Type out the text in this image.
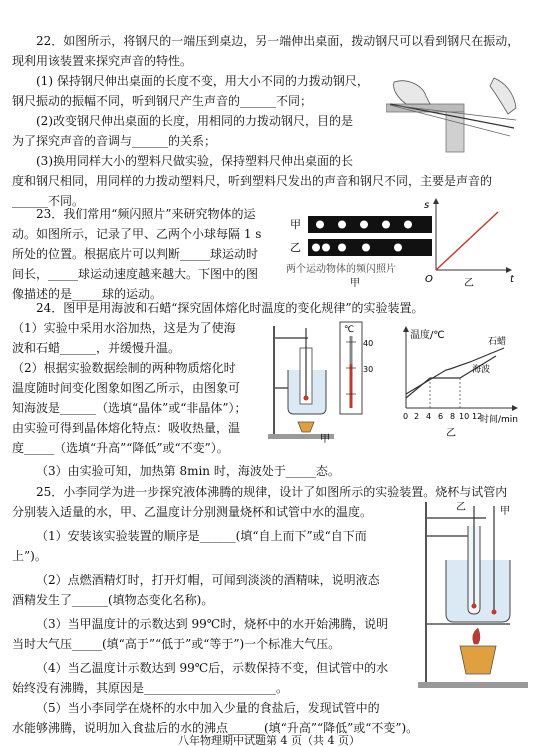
22．如图所示，将钢尺的一端压到桌边，另一端伸出桌面，拨动钢尺可以看到钢尺在振动，
现利用该装置来探究声音的特性。
(1) 保持钢尺伸出桌面的长度不变，用大小不同的力拨动钢尺，
钢尺振动的振幅不同，听到钢尺产生声音的______不同；
(2)改变钢尺伸出桌面的长度，用相同的力拨动钢尺，目的是
为了探究声音的音调与______的关系；
(3)换用同样大小的塑料尺做实验，保持塑料尺伸出桌面的长
度和钢尺相同，用同样的力拨动塑料尺，听到塑料尺发出的声音和钢尺不同，主要是声音的
______不同。
23．我们常用“频闪照片”来研究物体的运
动。如图所示，记录了甲、乙两个小球每隔 1 s
所处的位置。根据底片可以判断_____球运动时
间长，_____球运动速度越来越大。下图中的图
像描述的是_____球的运动。
甲
乙
两个运动物体的频闪照片
甲
s
t
O	乙
24．图甲是用海波和石蜡“探究固体熔化时温度的变化规律”的实验装置。
（1）实验中采用水浴加热，这是为了使海
波和石蜡______，并缓慢升温。
（2）根据实验数据绘制的两种物质熔化时
温度随时间变化图象如图乙所示，由图象可
知海波是______（选填“晶体”或“非晶体”）；
由实验可得到晶体熔化特点：吸收热量，温
度_____（选填“升高”“降低”或“不变”）。
（3）由实验可知，加热第 8min 时，海波处于_____态。
℃
40
30
甲
温度/℃
石蜡
海波
0 2 4 6 8 10 12
时间/min
乙
25．小李同学为进一步探究液体沸腾的规律，设计了如图所示的实验装置。烧杯与试管内
分别装入适量的水，甲、乙温度计分别测量烧杯和试管中水的温度。
（1）安装该实验装置的顺序是______(填“自上而下”或“自下而
上”)。
（2）点燃酒精灯时，打开灯帽，可闻到淡淡的酒精味，说明液态
酒精发生了______(填物态变化名称)。
（3）当甲温度计的示数达到 99℃时，烧杯中的水开始沸腾，说明
当时大气压_____(填“高于”“低于”或“等于”)一个标准大气压。
（4）当乙温度计示数达到 99℃后，示数保持不变，但试管中的水
始终没有沸腾，其原因是______________________。
（5）当小李同学在烧杯的水中加入少量的食盐后，发现试管中的
水能够沸腾，说明加入食盐后的水的沸点______(填“升高”“降低”或“不变”)。
乙	甲
八年物理期中试题第 4 页（共 4 页）
